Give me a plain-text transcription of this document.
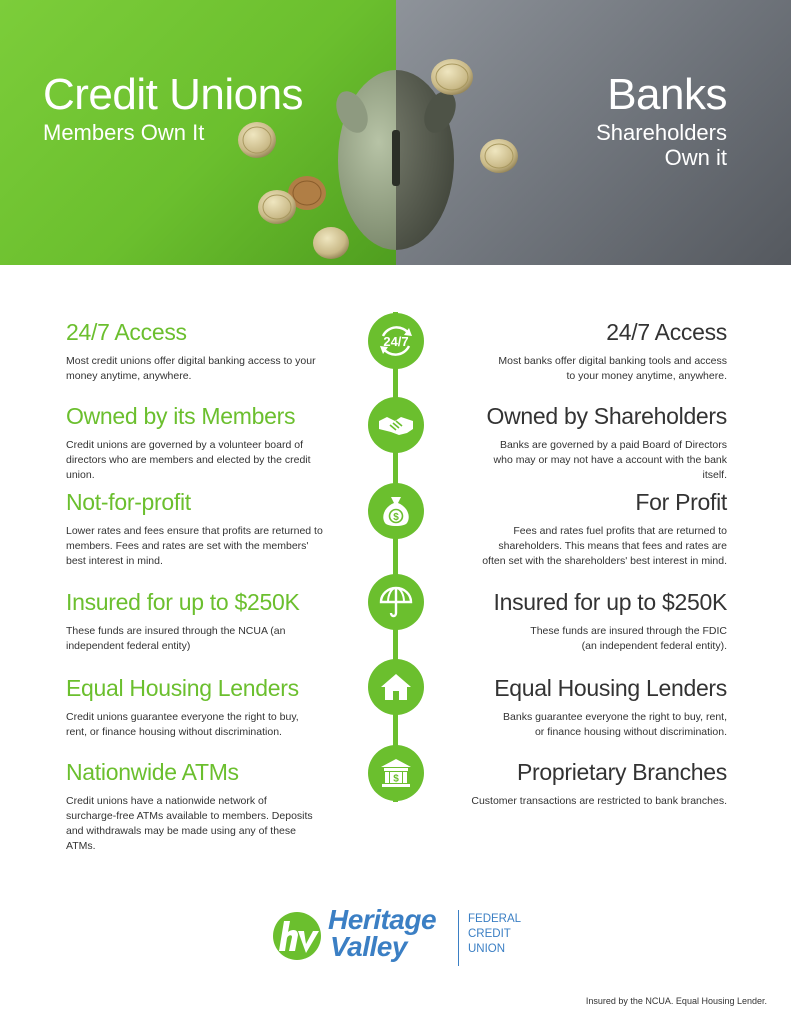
Credit Unions
Members Own It
Banks
Shareholders Own it
24/7 Access
Most credit unions offer digital banking access to your money anytime, anywhere.
24/7	24/7 Access
Most banks offer digital banking tools and access to your money anytime, anywhere.
Owned by its Members
Credit unions are governed by a volunteer board of directors who are members and elected by the credit union.
Owned by Shareholders
Banks are governed by a paid Board of Directors who may or may not have a account with the bank itself.
Not-for-profit
Lower rates and fees ensure that profits are returned to members. Fees and rates are set with the members' best interest in mind.
$
For Profit
Fees and rates fuel profits that are returned to shareholders. This means that fees and rates are often set with the shareholders' best interest in mind.
Insured for up to $250K
These funds are insured through the NCUA (an independent federal entity)
Insured for up to $250K
These funds are insured through the FDIC (an independent federal entity).
Equal Housing Lenders
Credit unions guarantee everyone the right to buy, rent, or finance housing without discrimination.
Equal Housing Lenders
Banks guarantee everyone the right to buy, rent, or finance housing without discrimination.
Nationwide ATMs
Credit unions have a nationwide network of surcharge-free ATMs available to members. Deposits and withdrawals may be made using any of these ATMs.
$	Proprietary Branches
Customer transactions are restricted to bank branches.
Heritage
Valley
FEDERAL
CREDIT
UNION
Insured by the NCUA. Equal Housing Lender.
